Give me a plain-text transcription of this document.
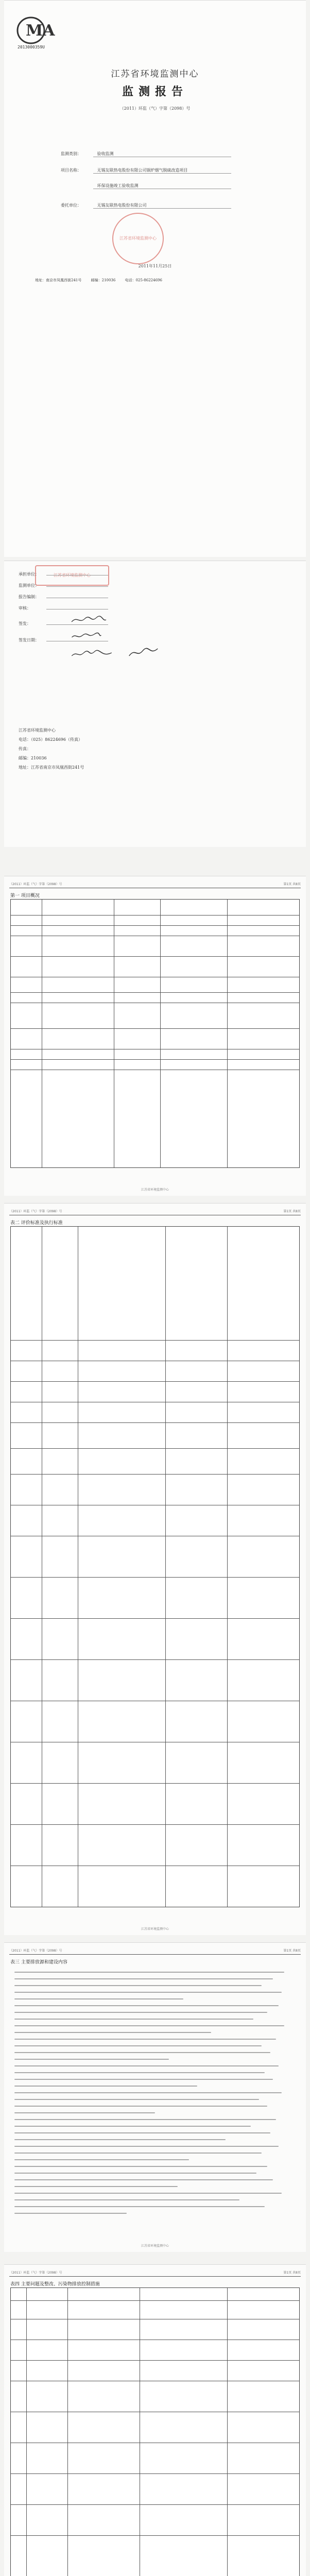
MA
2013000359U
江苏省环境监测中心
监测报告
（2011）环监（气）字第（2098）号
监测类别：	验收监测
项目名称：	无锡友联热电股份有限公司锅炉烟气脱硫改造项目
环保设施竣工验收监测
委托单位：	无锡友联热电股份有限公司
江苏省环境监测中心
2011年11月25日
地址：南京市凤凰西街241号	邮编：210036	电话：025-86224696
江苏省环境监测中心
承担单位：
监测单位：
报告编制：
审核：
签发：
签发日期：
江苏省环境监测中心
电话：（025）86224696（传真）
传真：
邮编：210036
地址：江苏省南京市凤凰西街241号
（2011）环监（气）字第（2098）号	第1页 共8页
第一 项目概况
江苏省环境监测中心
（2011）环监（气）字第（2098）号	第1页 共8页
表二 评价标准及执行标准
江苏省环境监测中心
（2011）环监（气）字第（2098）号	第1页 共8页
表三 主要排放源和建设内容
江苏省环境监测中心
（2011）环监（气）字第（2098）号	第1页 共8页
表四 主要问题及整改、污染物排放控制措施
